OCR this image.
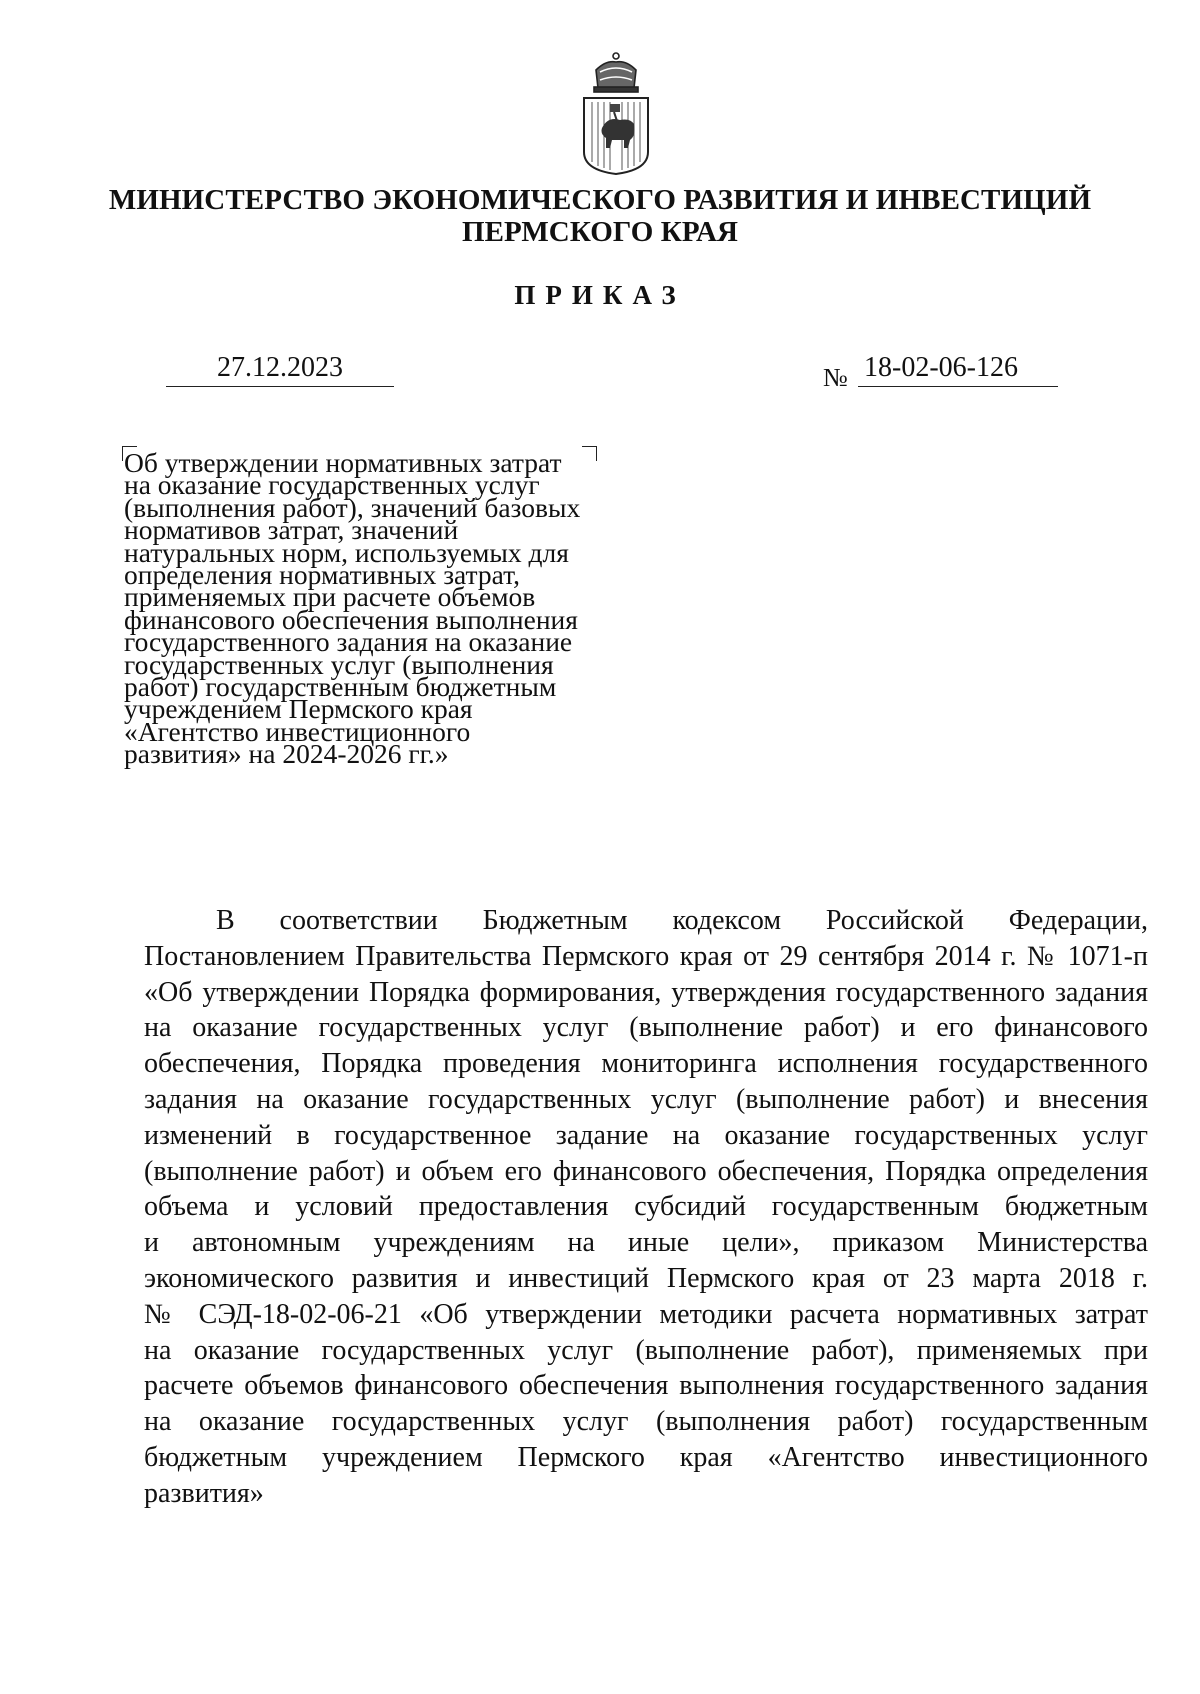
МИНИСТЕРСТВО ЭКОНОМИЧЕСКОГО РАЗВИТИЯ И ИНВЕСТИЦИЙ
ПЕРМСКОГО КРАЯ
ПРИКАЗ
27.12.2023	№ 18-02-06-126
Об утверждении нормативных затрат
на оказание государственных услуг
(выполнения работ), значений базовых
нормативов затрат, значений
натуральных норм, используемых для
определения нормативных затрат,
применяемых при расчете объемов
финансового обеспечения выполнения
государственного задания на оказание
государственных услуг (выполнения
работ) государственным бюджетным
учреждением Пермского края
«Агентство инвестиционного
развития» на 2024-2026 гг.»
В соответствии Бюджетным кодексом Российской Федерации,
Постановлением Правительства Пермского края от 29 сентября 2014 г. № 1071-п
«Об утверждении Порядка формирования, утверждения государственного задания
на оказание государственных услуг (выполнение работ) и его финансового
обеспечения, Порядка проведения мониторинга исполнения государственного
задания на оказание государственных услуг (выполнение работ) и внесения
изменений в государственное задание на оказание государственных услуг
(выполнение работ) и объем его финансового обеспечения, Порядка определения
объема и условий предоставления субсидий государственным бюджетным
и автономным учреждениям на иные цели», приказом Министерства
экономического развития и инвестиций Пермского края от 23 марта 2018 г.
№ СЭД-18-02-06-21 «Об утверждении методики расчета нормативных затрат
на оказание государственных услуг (выполнение работ), применяемых при
расчете объемов финансового обеспечения выполнения государственного задания
на оказание государственных услуг (выполнения работ) государственным
бюджетным учреждением Пермского края «Агентство инвестиционного
развития»
